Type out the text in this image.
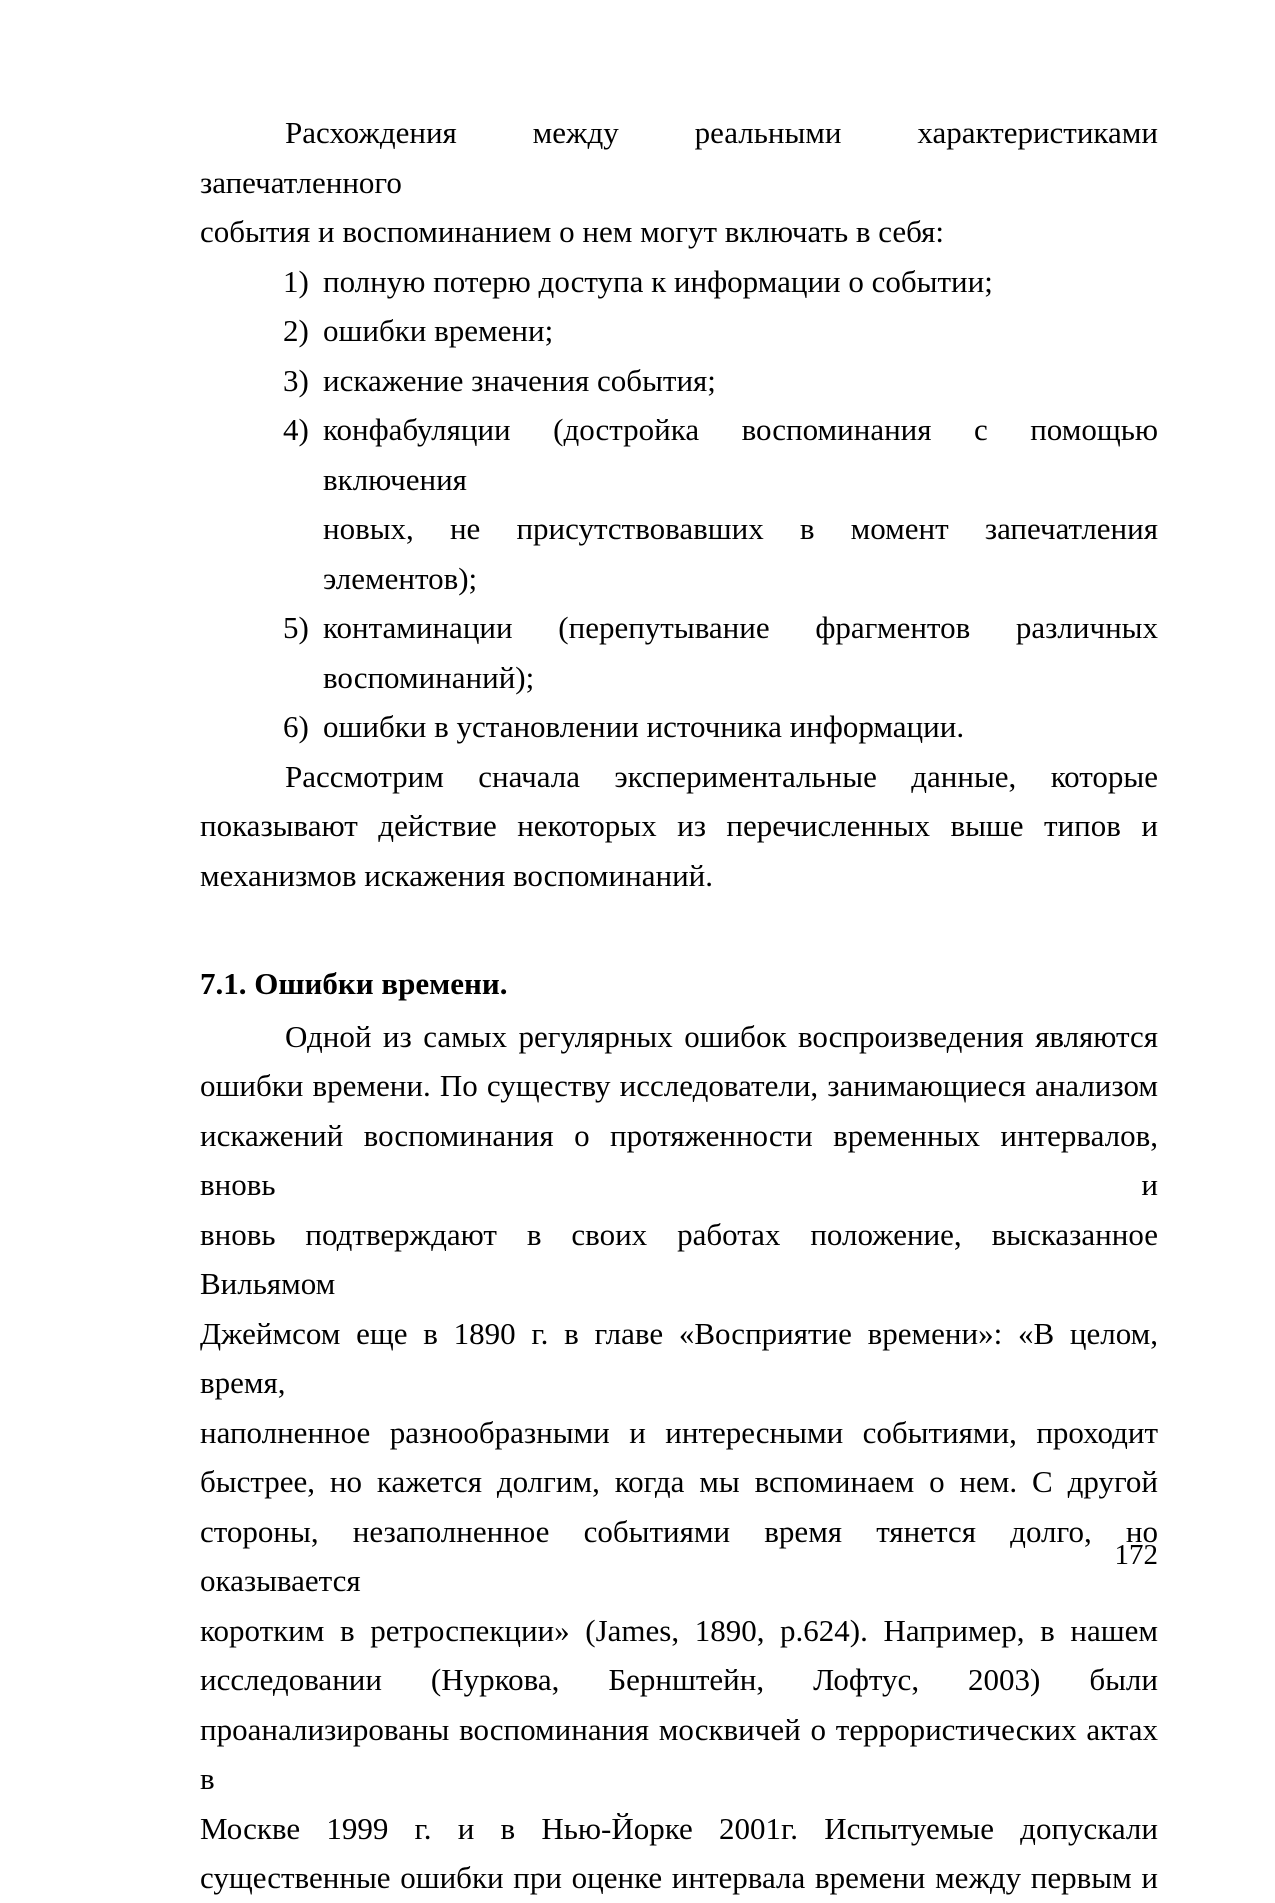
Расхождения между реальными характеристиками запечатленного
события и воспоминанием о нем могут включать в себя:
1) полную потерю доступа к информации о событии;
2) ошибки времени;
3) искажение значения события;
4) конфабуляции (достройка воспоминания с помощью включения
новых, не присутствовавших в момент запечатления элементов);
5) контаминации (перепутывание фрагментов различных
воспоминаний);
6) ошибки в установлении источника информации.
Рассмотрим сначала экспериментальные данные, которые
показывают действие некоторых из перечисленных выше типов и
механизмов искажения воспоминаний.
7.1. Ошибки времени.
Одной из самых регулярных ошибок воспроизведения являются
ошибки времени. По существу исследователи, занимающиеся анализом
искажений воспоминания о протяженности временных интервалов, вновь и
вновь подтверждают в своих работах положение, высказанное Вильямом
Джеймсом еще в 1890 г. в главе «Восприятие времени»: «В целом, время,
наполненное разнообразными и интересными событиями, проходит
быстрее, но кажется долгим, когда мы вспоминаем о нем. С другой
стороны, незаполненное событиями время тянется долго, но оказывается
коротким в ретроспекции» (James, 1890, p.624). Например, в нашем
исследовании (Нуркова, Бернштейн, Лофтус, 2003) были
проанализированы воспоминания москвичей о террористических актах в
Москве 1999 г. и в Нью-Йорке 2001г. Испытуемые допускали
существенные ошибки при оценке интервала времени между первым и
172
